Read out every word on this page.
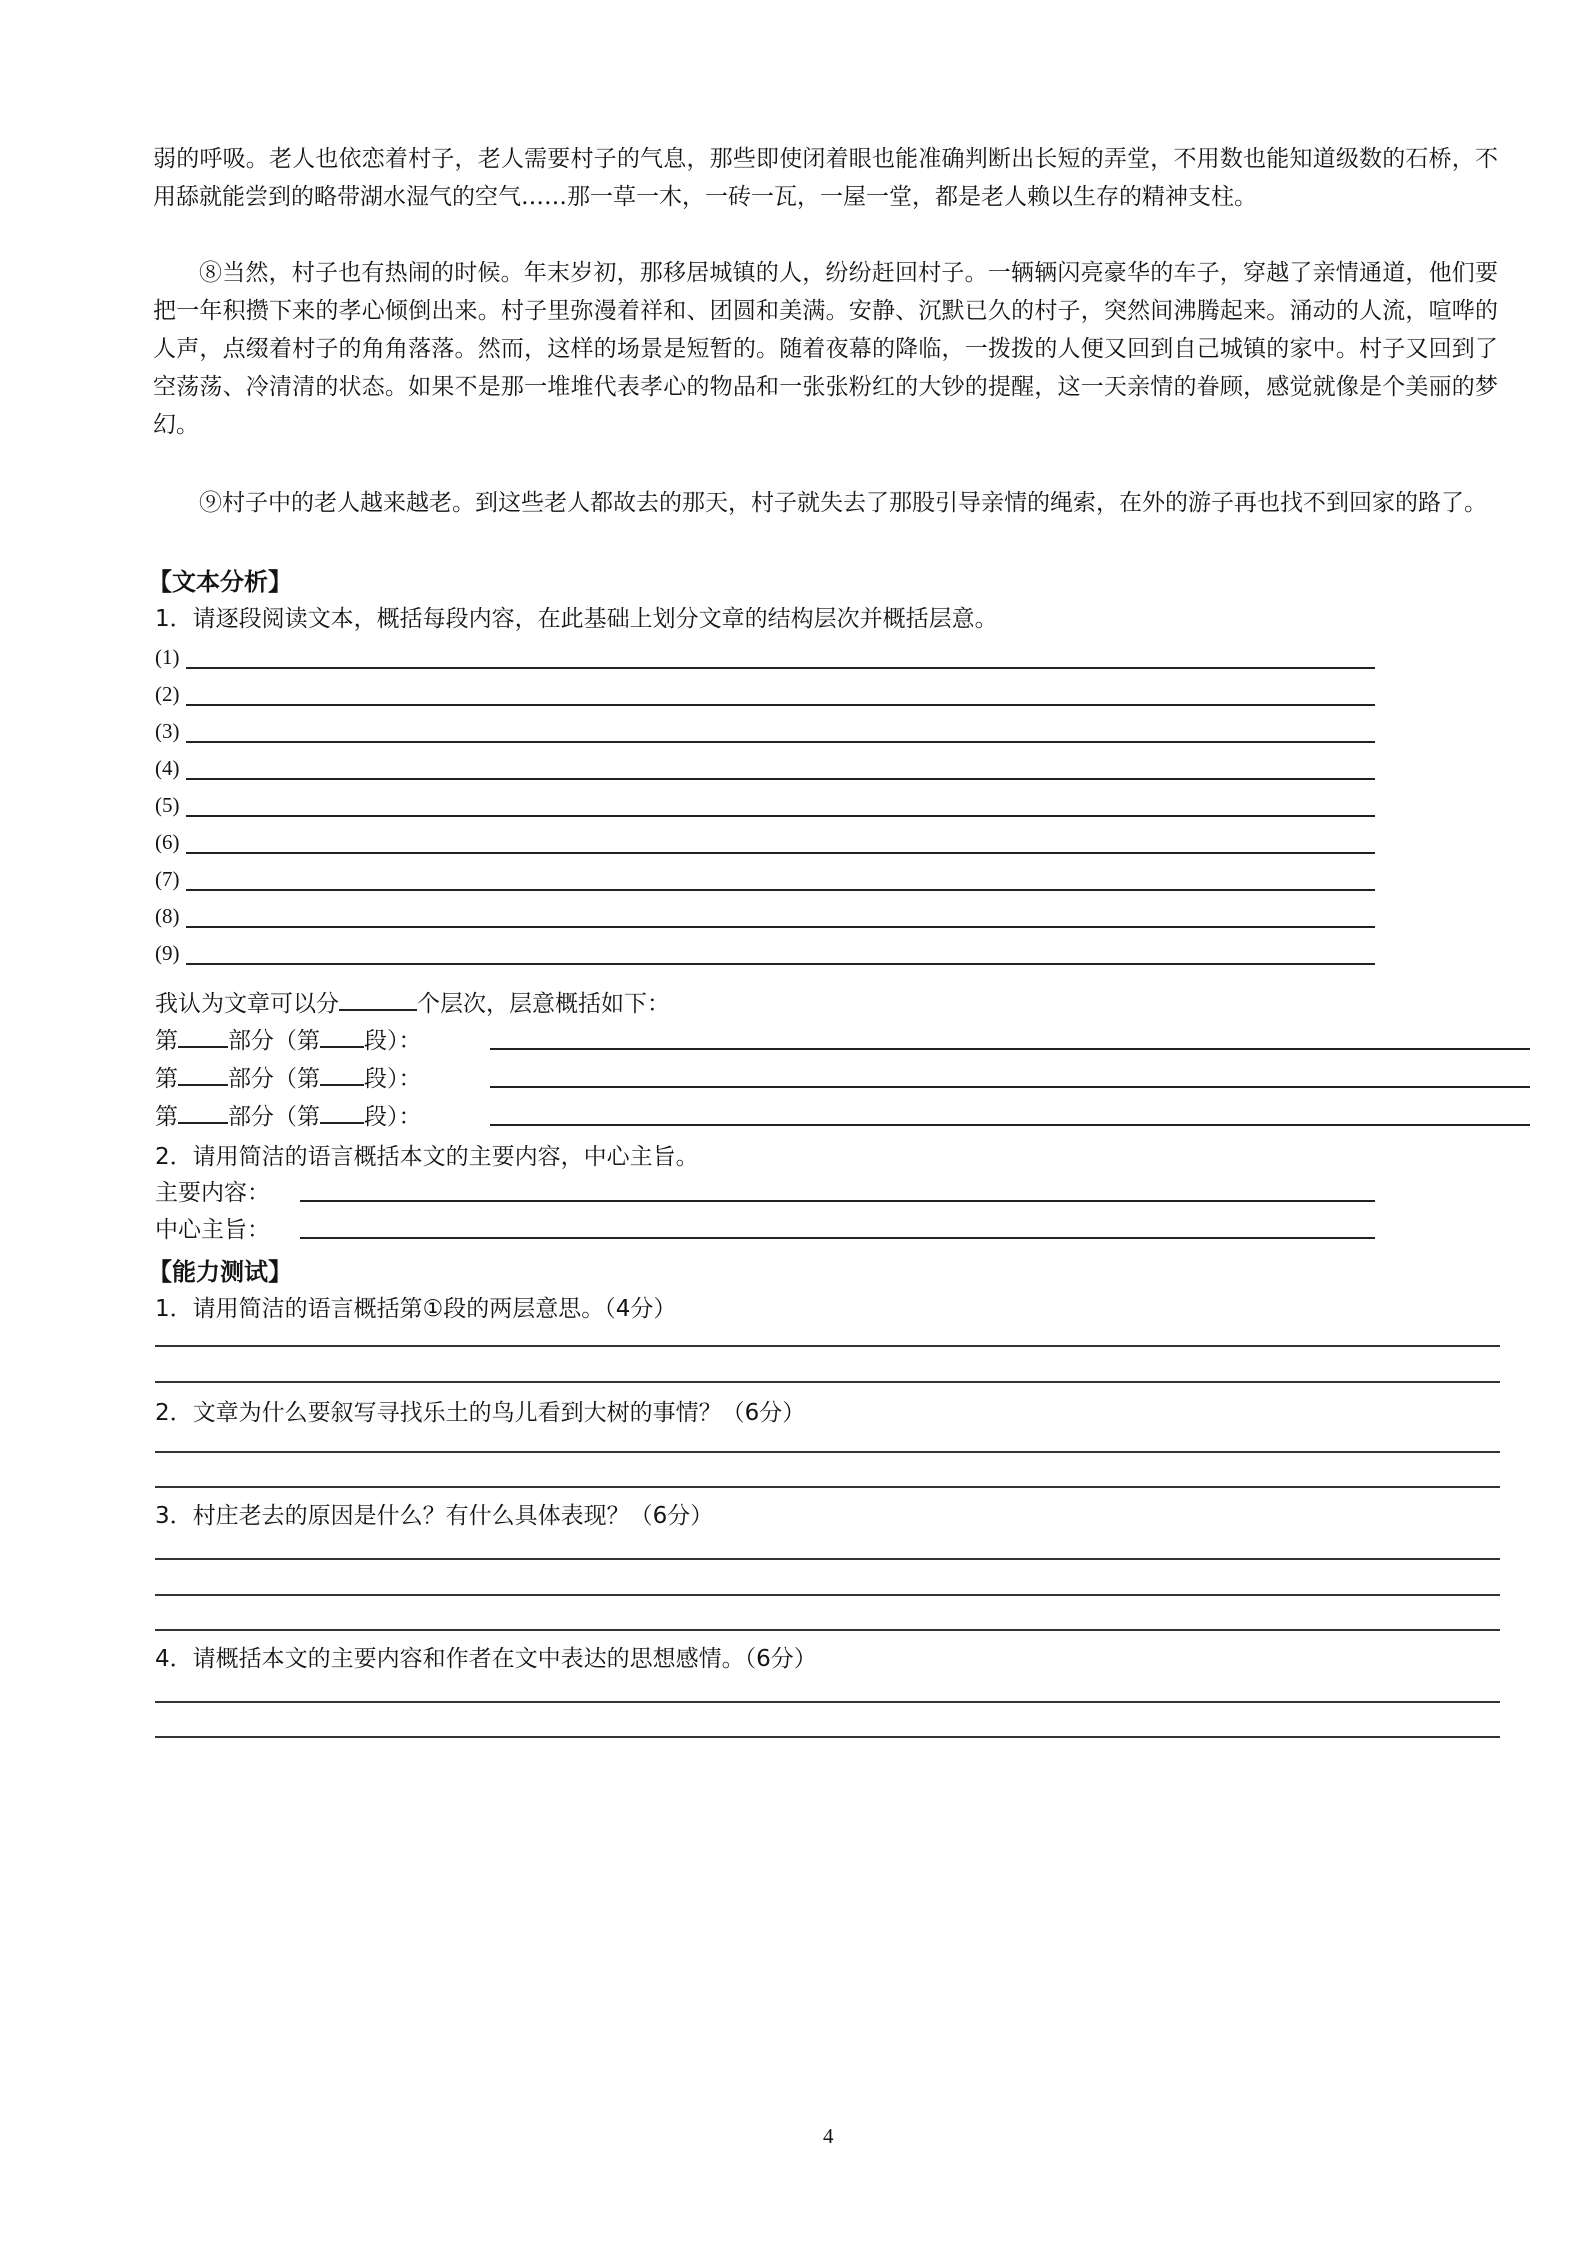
弱的呼吸。老人也依恋着村子，老人需要村子的气息，那些即使闭着眼也能准确判断出长短的弄堂，不用数也能知道级数的石桥，不用舔就能尝到的略带湖水湿气的空气……那一草一木，一砖一瓦，一屋一堂，都是老人赖以生存的精神支柱。

⑧当然，村子也有热闹的时候。年末岁初，那移居城镇的人，纷纷赶回村子。一辆辆闪亮豪华的车子，穿越了亲情通道，他们要把一年积攒下来的孝心倾倒出来。村子里弥漫着祥和、团圆和美满。安静、沉默已久的村子，突然间沸腾起来。涌动的人流，喧哗的人声，点缀着村子的角角落落。然而，这样的场景是短暂的。随着夜幕的降临，一拨拨的人便又回到自己城镇的家中。村子又回到了空荡荡、冷清清的状态。如果不是那一堆堆代表孝心的物品和一张张粉红的大钞的提醒，这一天亲情的眷顾，感觉就像是个美丽的梦幻。

⑨村子中的老人越来越老。到这些老人都故去的那天，村子就失去了那股引导亲情的绳索，在外的游子再也找不到回家的路了。

【文本分析】

1．请逐段阅读文本，概括每段内容，在此基础上划分文章的结构层次并概括层意。

(1)
(2)
(3)
(4)
(5)
(6)
(7)
(8)
(9)
我认为文章可以分	个层次，层意概括如下：
第 部分（第 段）：
第 部分（第 段）：
第 部分（第 段）：

2．请用简洁的语言概括本文的主要内容，中心主旨。

主要内容：
中心主旨：
【能力测试】

1．请用简洁的语言概括第①段的两层意思。（4分）

2．文章为什么要叙写寻找乐土的鸟儿看到大树的事情？（6分）

3．村庄老去的原因是什么？有什么具体表现？（6分）

4．请概括本文的主要内容和作者在文中表达的思想感情。（6分）

4
